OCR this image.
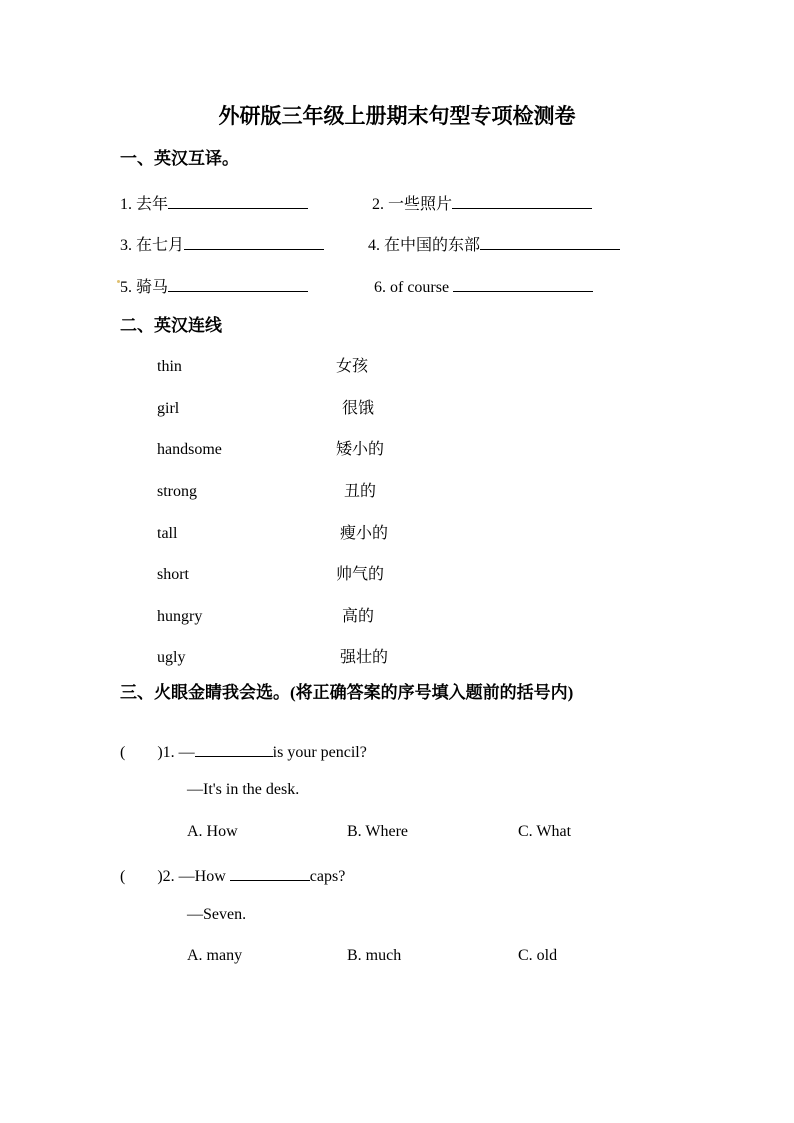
外研版三年级上册期末句型专项检测卷
一、英汉互译。
1. 去年	2. 一些照片
3. 在七月	4. 在中国的东部
5. 骑马	6. of course
二、英汉连线
thin	女孩
girl	很饿
handsome	矮小的
strong	丑的
tall	瘦小的
short	帅气的
hungry	高的
ugly	强壮的
三、火眼金睛我会选。(将正确答案的序号填入题前的括号内)
( )1. —	is your pencil?
—It's in the desk.
A. How	B. Where	C. What
( )2. —How	caps?
—Seven.
A. many	B. much	C. old
